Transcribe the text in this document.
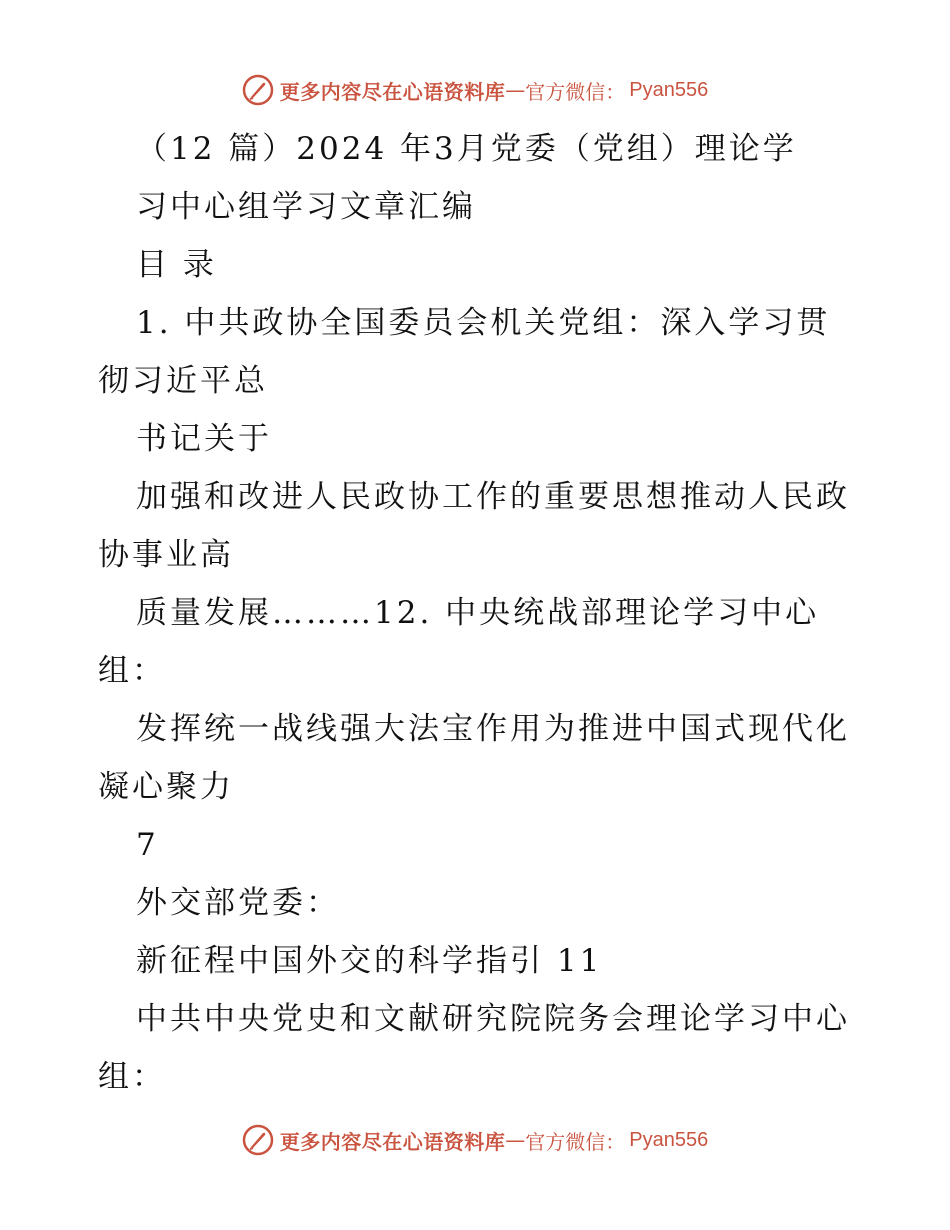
更多内容尽在心语资料库 — 官方微信： Pyan556
（12 篇）2024 年3月党委（党组）理论学
习中心组学习文章汇编
目 录
1. 中共政协全国委员会机关党组：深入学习贯
彻习近平总
书记关于
加强和改进人民政协工作的重要思想推动人民政
协事业高
质量发展………12. 中央统战部理论学习中心
组：
发挥统一战线强大法宝作用为推进中国式现代化
凝心聚力
7
外交部党委：
新征程中国外交的科学指引 11
中共中央党史和文献研究院院务会理论学习中心
组：
更多内容尽在心语资料库 — 官方微信： Pyan556
